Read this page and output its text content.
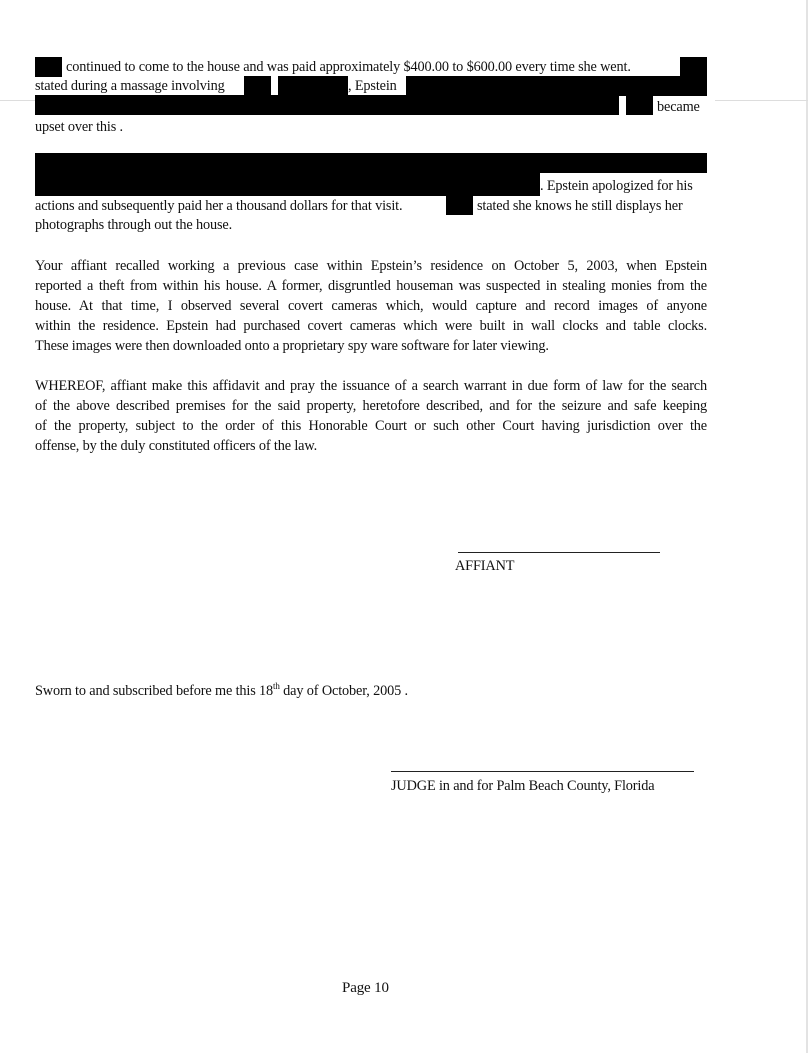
continued to come to the house and was paid approximately $400.00 to $600.00 every time she went.
stated during a massage involving	, Epstein
became
upset over this .
. Epstein apologized for his
actions and subsequently paid her a thousand dollars for that visit.	stated she knows he still displays her
photographs through out the house.
Your affiant recalled working a previous case within Epstein’s residence on October 5, 2003, when Epstein
reported a theft from within his house. A former, disgruntled houseman was suspected in stealing monies from the
house. At that time, I observed several covert cameras which, would capture and record images of anyone
within the residence. Epstein had purchased covert cameras which were built in wall clocks and table clocks.
These images were then downloaded onto a proprietary spy ware software for later viewing.
WHEREOF, affiant make this affidavit and pray the issuance of a search warrant in due form of law for the search
of the above described premises for the said property, heretofore described, and for the seizure and safe keeping
of the property, subject to the order of this Honorable Court or such other Court having jurisdiction over the
offense, by the duly constituted officers of the law.
AFFIANT
Sworn to and subscribed before me this 18th day of October, 2005 .
JUDGE in and for Palm Beach County, Florida
Page 10
